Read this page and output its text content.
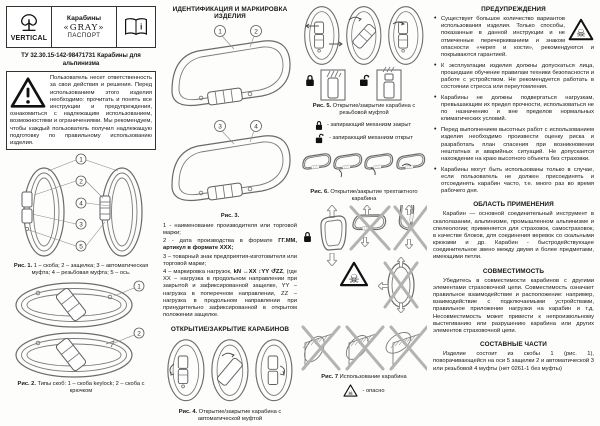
VERTICAL
Карабины
«GRAY»
ПАСПОРТ
i
ТУ 32.30.15-142-98471731 Карабины для альпинизма
Пользователь несет ответственность за свои действия и решения. Перед использованием этого изделия необходимо: прочитать и понять все инструкции и предупреждения, ознакомиться с надлежащим использованием, возможностями и ограничениями. Мы рекомендуем, чтобы каждый пользователь получил надлежащую подготовку по правильному использованию изделия.
1
2
4
3
5

Рис. 1. 1 – скоба; 2 – защелка; 3 – автоматическая муфта; 4 – резьбовая муфта; 5 – ось.

1
2

Рис. 2. Типы скоб: 1 – скоба keylock; 2 – скоба с крючком

ИДЕНТИФИКАЦИЯ И МАРКИРОВКА ИЗДЕЛИЯ
1	2
3	4

Рис. 3.

1 - наименование производителя или торговой марки;

2 - дата производства в формате ГГ.ММ, артикул в формате XXX;

3 – товарный знак предприятия-изготовителя или торговой марки;

4 – маркировка нагрузок, kN ↔XX ↕YY ↺ZZ, (где XX – нагрузка в продольном направлении при закрытой и зафиксированной защелке, YY – нагрузка в поперечном направлении, ZZ – нагрузка в продольном направлении при принудительно зафиксированной в открытом положении защелке.

ОТКРЫТИЕ/ЗАКРЫТИЕ КАРАБИНОВ

Рис. 4. Открытие/закрытие карабина с автоматической муфтой

Рис. 5. Открытие/закрытие карабина с резьбовой муфтой

- запирающий механизм закрыт
- запирающий механизм открыт

Рис. 6. Открытие/закрытие трехтактного карабина

Рис. 7 Использование карабина

- опасно
ПРЕДУПРЕЖДЕНИЯ
• Существует большое количество вариантов использования изделия. Только способы, показанные в данной инструкции и не отмеченные перечеркиванием и знаком опасности «череп и кости», рекомендуются и покрываются гарантией.
• К эксплуатации изделия должны допускаться лица, прошедшие обучение правилам техники безопасности и работе с устройством. Не рекомендуется работать в состоянии стресса или переутомления.
• Карабины не должны подвергаться нагрузкам, превышающим их предел прочности, использоваться не по назначению и вне пределов нормальных климатических условий.
• Перед выполнением высотных работ с использованием изделия необходимо произвести оценку риска и разработать план спасения при возникновении нештатных и аварийных ситуаций. Не допускается нахождение на краю высотного объекта без страховки.
• Карабины могут быть использованы только в случае, если пользователь не должен присоединять и отсоединять карабин часто, т.е. много раз во время рабочего дня.
ОБЛАСТЬ ПРИМЕНЕНИЯ
Карабин — основной соединительный инструмент в скалолазании, альпинизме, промышленном альпинизме и спелеологии; применяется для страховок, самостраховок, в качестве блоков, для соединения веревок со скальными крюками и др. Карабин - быстродействующее соединительное звено между двумя и более предметами, имеющими петли.
СОВМЕСТИМОСТЬ
Убедитесь в совместимости карабинов с другими элементами страховочной цепи. Совместимость означает правильное взаимодействие и расположение: например, взаимодействие с подключаемыми устройствами, правильное приложение нагрузки на карабин и т.д. Несовместимость может привести к непроизвольному выстегиванию или разрушению карабина или других элементов страховочной цепи.
СОСТАВНЫЕ ЧАСТИ
Изделие состоит из скобы 1 (рис. 1), поворачивающейся на оси 5 защелки 2 и автоматической 3 или резьбовой 4 муфты (нет 0261-1 без муфты)
